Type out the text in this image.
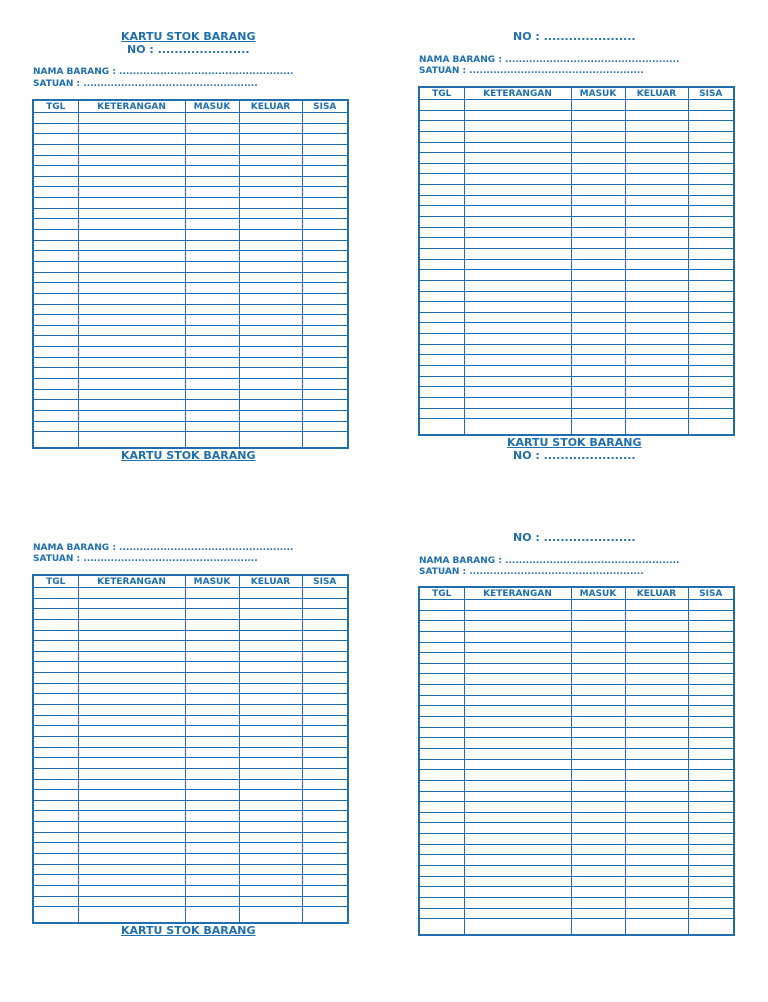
KARTU STOK BARANG
NO : ......................
NAMA BARANG : ...................................................
SATUAN : ...................................................
TGL	KETERANGAN	MASUK	KELUAR	SISA

KARTU STOK BARANG
NO : ......................
NAMA BARANG : ...................................................
SATUAN : ...................................................
TGL	KETERANGAN	MASUK	KELUAR	SISA

KARTU STOK BARANG
NO : ......................
NAMA BARANG : ...................................................
SATUAN : ...................................................
TGL	KETERANGAN	MASUK	KELUAR	SISA

KARTU STOK BARANG
NO : ......................
NAMA BARANG : ...................................................
SATUAN : ...................................................
TGL	KETERANGAN	MASUK	KELUAR	SISA
